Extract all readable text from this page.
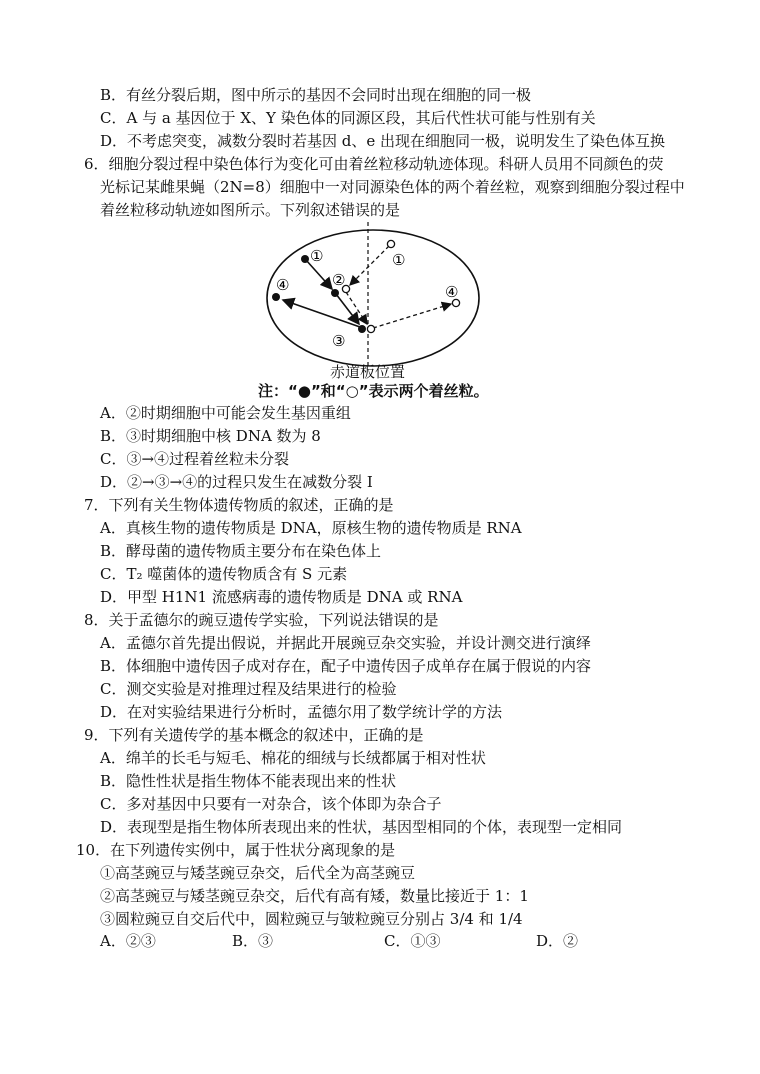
B．有丝分裂后期，图中所示的基因不会同时出现在细胞的同一极
C．A 与 a 基因位于 X、Y 染色体的同源区段，其后代性状可能与性别有关
D．不考虑突变，减数分裂时若基因 d、e 出现在细胞同一极，说明发生了染色体互换
6．细胞分裂过程中染色体行为变化可由着丝粒移动轨迹体现。科研人员用不同颜色的荧
光标记某雌果蝇（2N=8）细胞中一对同源染色体的两个着丝粒，观察到细胞分裂过程中
着丝粒移动轨迹如图所示。下列叙述错误的是
①	①
②
③
④	④
赤道板位置
注：“●”和“○”表示两个着丝粒。
A．②时期细胞中可能会发生基因重组
B．③时期细胞中核 DNA 数为 8
C．③→④过程着丝粒未分裂
D．②→③→④的过程只发生在减数分裂 I
7．下列有关生物体遗传物质的叙述，正确的是
A．真核生物的遗传物质是 DNA，原核生物的遗传物质是 RNA
B．酵母菌的遗传物质主要分布在染色体上
C．T₂ 噬菌体的遗传物质含有 S 元素
D．甲型 H1N1 流感病毒的遗传物质是 DNA 或 RNA
8．关于孟德尔的豌豆遗传学实验，下列说法错误的是
A．孟德尔首先提出假说，并据此开展豌豆杂交实验，并设计测交进行演绎
B．体细胞中遗传因子成对存在，配子中遗传因子成单存在属于假说的内容
C．测交实验是对推理过程及结果进行的检验
D．在对实验结果进行分析时，孟德尔用了数学统计学的方法
9．下列有关遗传学的基本概念的叙述中，正确的是
A．绵羊的长毛与短毛、棉花的细绒与长绒都属于相对性状
B．隐性性状是指生物体不能表现出来的性状
C．多对基因中只要有一对杂合，该个体即为杂合子
D．表现型是指生物体所表现出来的性状，基因型相同的个体，表现型一定相同
10．在下列遗传实例中，属于性状分离现象的是
①高茎豌豆与矮茎豌豆杂交，后代全为高茎豌豆
②高茎豌豆与矮茎豌豆杂交，后代有高有矮，数量比接近于 1：1
③圆粒豌豆自交后代中，圆粒豌豆与皱粒豌豆分别占 3/4 和 1/4
A．②③	B．③	C．①③	D．②
